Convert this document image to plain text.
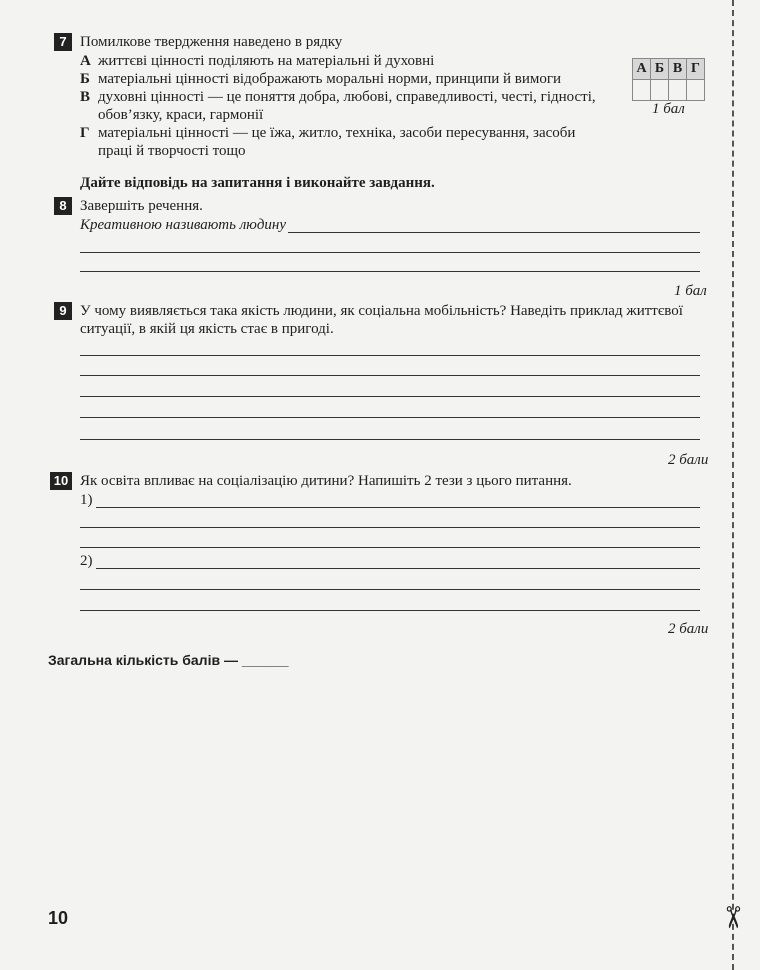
7 Помилкове твердження наведено в рядку
А життєві цінності поділяють на матеріальні й духовні
Б матеріальні цінності відображають моральні норми, принципи й вимоги
В духовні цінності — це поняття добра, любові, справедливості, честі, гідності,
обов’язку, краси, гармонії
Г матеріальні цінності — це їжа, житло, техніка, засоби пересування, засоби
праці й творчості тощо
А	Б	В	Г

1 бал
Дайте відповідь на запитання і виконайте завдання.
8 Завершіть речення.
Креативною називають людину
1 бал
9 У чому виявляється така якість людини, як соціальна мобільність? Наведіть приклад життєвої
ситуації, в якій ця якість стає в пригоді.
2 бали
10 Як освіта впливає на соціалізацію дитини? Напишіть 2 тези з цього питання.
1)
2)
2 бали
Загальна кількість балів — ______
10	✂
